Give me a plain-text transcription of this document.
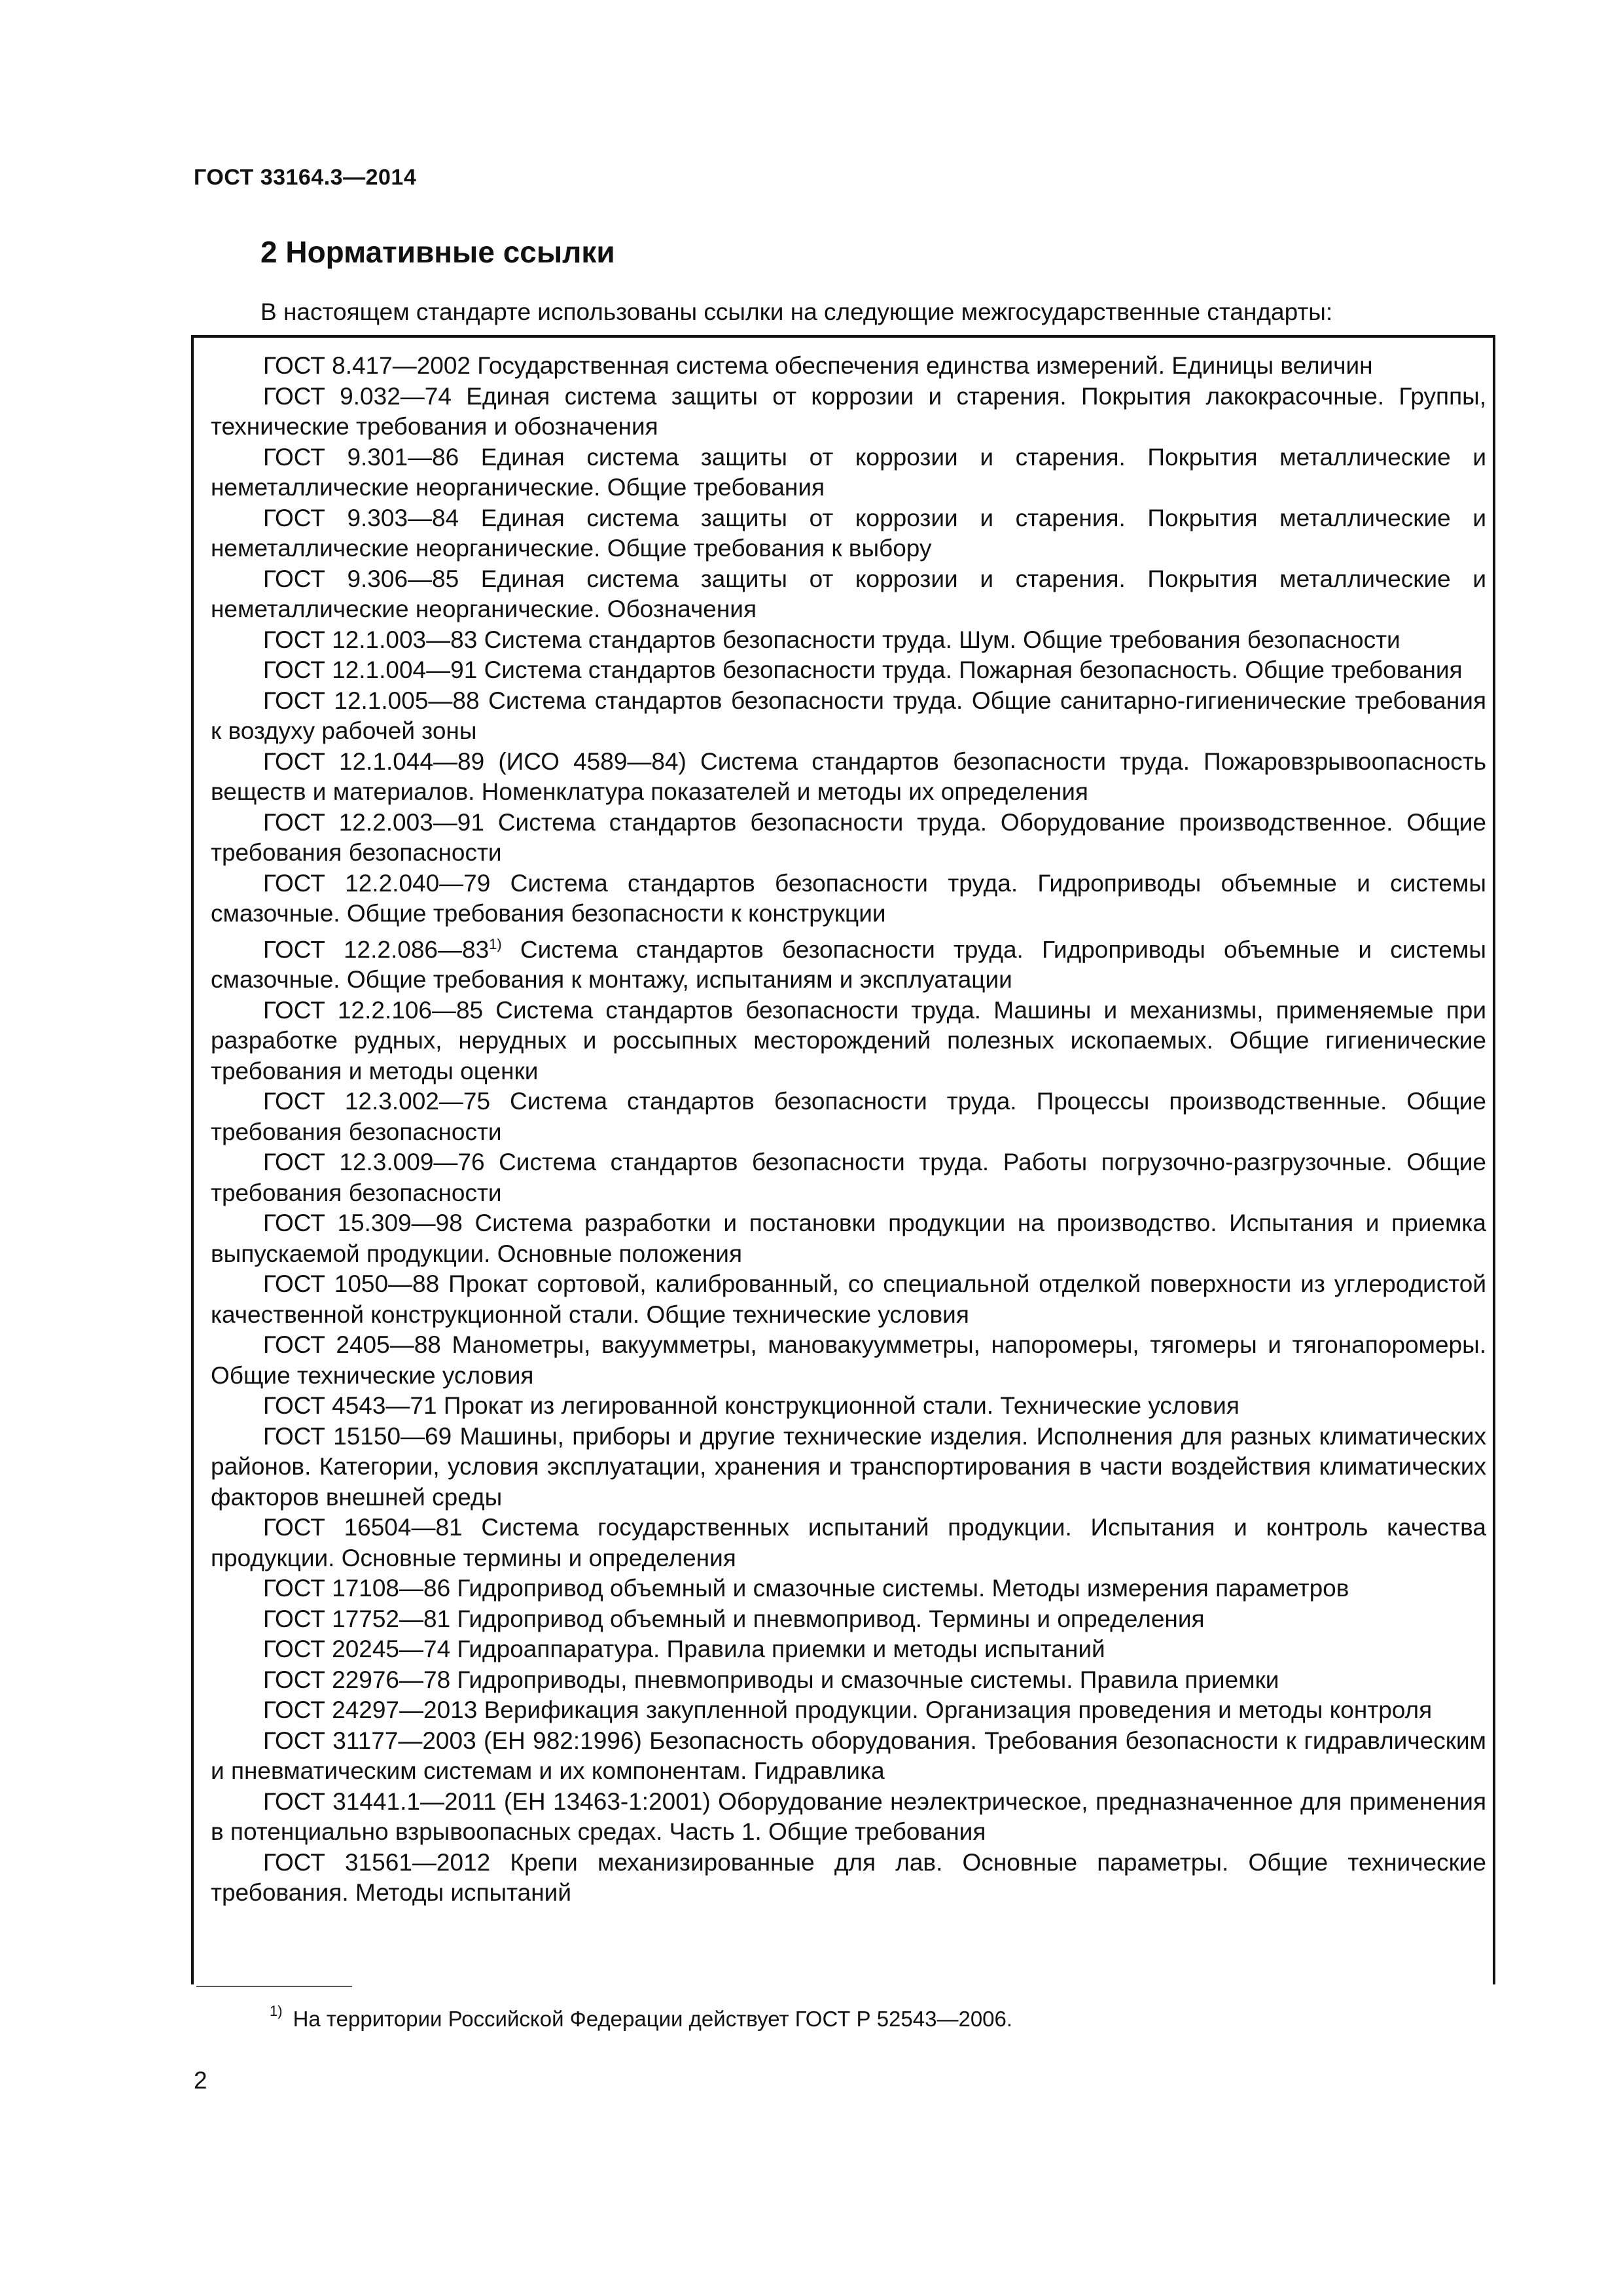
ГОСТ 33164.3—2014
2 Нормативные ссылки
В настоящем стандарте использованы ссылки на следующие межгосударственные стандарты:

ГОСТ 8.417—2002 Государственная система обеспечения единства измерений. Единицы величин

ГОСТ 9.032—74 Единая система защиты от коррозии и старения. Покрытия лакокрасочные. Группы, технические требования и обозначения

ГОСТ 9.301—86 Единая система защиты от коррозии и старения. Покрытия металлические и неметаллические неорганические. Общие требования

ГОСТ 9.303—84 Единая система защиты от коррозии и старения. Покрытия металлические и неметаллические неорганические. Общие требования к выбору

ГОСТ 9.306—85 Единая система защиты от коррозии и старения. Покрытия металлические и неметаллические неорганические. Обозначения

ГОСТ 12.1.003—83 Система стандартов безопасности труда. Шум. Общие требования безопасности

ГОСТ 12.1.004—91 Система стандартов безопасности труда. Пожарная безопасность. Общие требования

ГОСТ 12.1.005—88 Система стандартов безопасности труда. Общие санитарно-гигиенические требования к воздуху рабочей зоны

ГОСТ 12.1.044—89 (ИСО 4589—84) Система стандартов безопасности труда. Пожаровзрывоопасность веществ и материалов. Номенклатура показателей и методы их определения

ГОСТ 12.2.003—91 Система стандартов безопасности труда. Оборудование производственное. Общие требования безопасности

ГОСТ 12.2.040—79 Система стандартов безопасности труда. Гидроприводы объемные и системы смазочные. Общие требования безопасности к конструкции

ГОСТ 12.2.086—83$^{1)}$ Система стандартов безопасности труда. Гидроприводы объемные и системы смазочные. Общие требования к монтажу, испытаниям и эксплуатации

ГОСТ 12.2.106—85 Система стандартов безопасности труда. Машины и механизмы, применяемые при разработке рудных, нерудных и россыпных месторождений полезных ископаемых. Общие гигиенические требования и методы оценки

ГОСТ 12.3.002—75 Система стандартов безопасности труда. Процессы производственные. Общие требования безопасности

ГОСТ 12.3.009—76 Система стандартов безопасности труда. Работы погрузочно-разгрузочные. Общие требования безопасности

ГОСТ 15.309—98 Система разработки и постановки продукции на производство. Испытания и приемка выпускаемой продукции. Основные положения

ГОСТ 1050—88 Прокат сортовой, калиброванный, со специальной отделкой поверхности из углеродистой качественной конструкционной стали. Общие технические условия

ГОСТ 2405—88 Манометры, вакуумметры, мановакуумметры, напоромеры, тягомеры и тягонапоромеры. Общие технические условия

ГОСТ 4543—71 Прокат из легированной конструкционной стали. Технические условия

ГОСТ 15150—69 Машины, приборы и другие технические изделия. Исполнения для разных климатических районов. Категории, условия эксплуатации, хранения и транспортирования в части воздействия климатических факторов внешней среды

ГОСТ 16504—81 Система государственных испытаний продукции. Испытания и контроль качества продукции. Основные термины и определения

ГОСТ 17108—86 Гидропривод объемный и смазочные системы. Методы измерения параметров

ГОСТ 17752—81 Гидропривод объемный и пневмопривод. Термины и определения

ГОСТ 20245—74 Гидроаппаратура. Правила приемки и методы испытаний

ГОСТ 22976—78 Гидроприводы, пневмоприводы и смазочные системы. Правила приемки

ГОСТ 24297—2013 Верификация закупленной продукции. Организация проведения и методы контроля

ГОСТ 31177—2003 (ЕН 982:1996) Безопасность оборудования. Требования безопасности к гидравлическим и пневматическим системам и их компонентам. Гидравлика

ГОСТ 31441.1—2011 (ЕН 13463-1:2001) Оборудование неэлектрическое, предназначенное для применения в потенциально взрывоопасных средах. Часть 1. Общие требования

ГОСТ 31561—2012 Крепи механизированные для лав. Основные параметры. Общие технические требования. Методы испытаний

$^{1)}$ На территории Российской Федерации действует ГОСТ Р 52543—2006.
2
